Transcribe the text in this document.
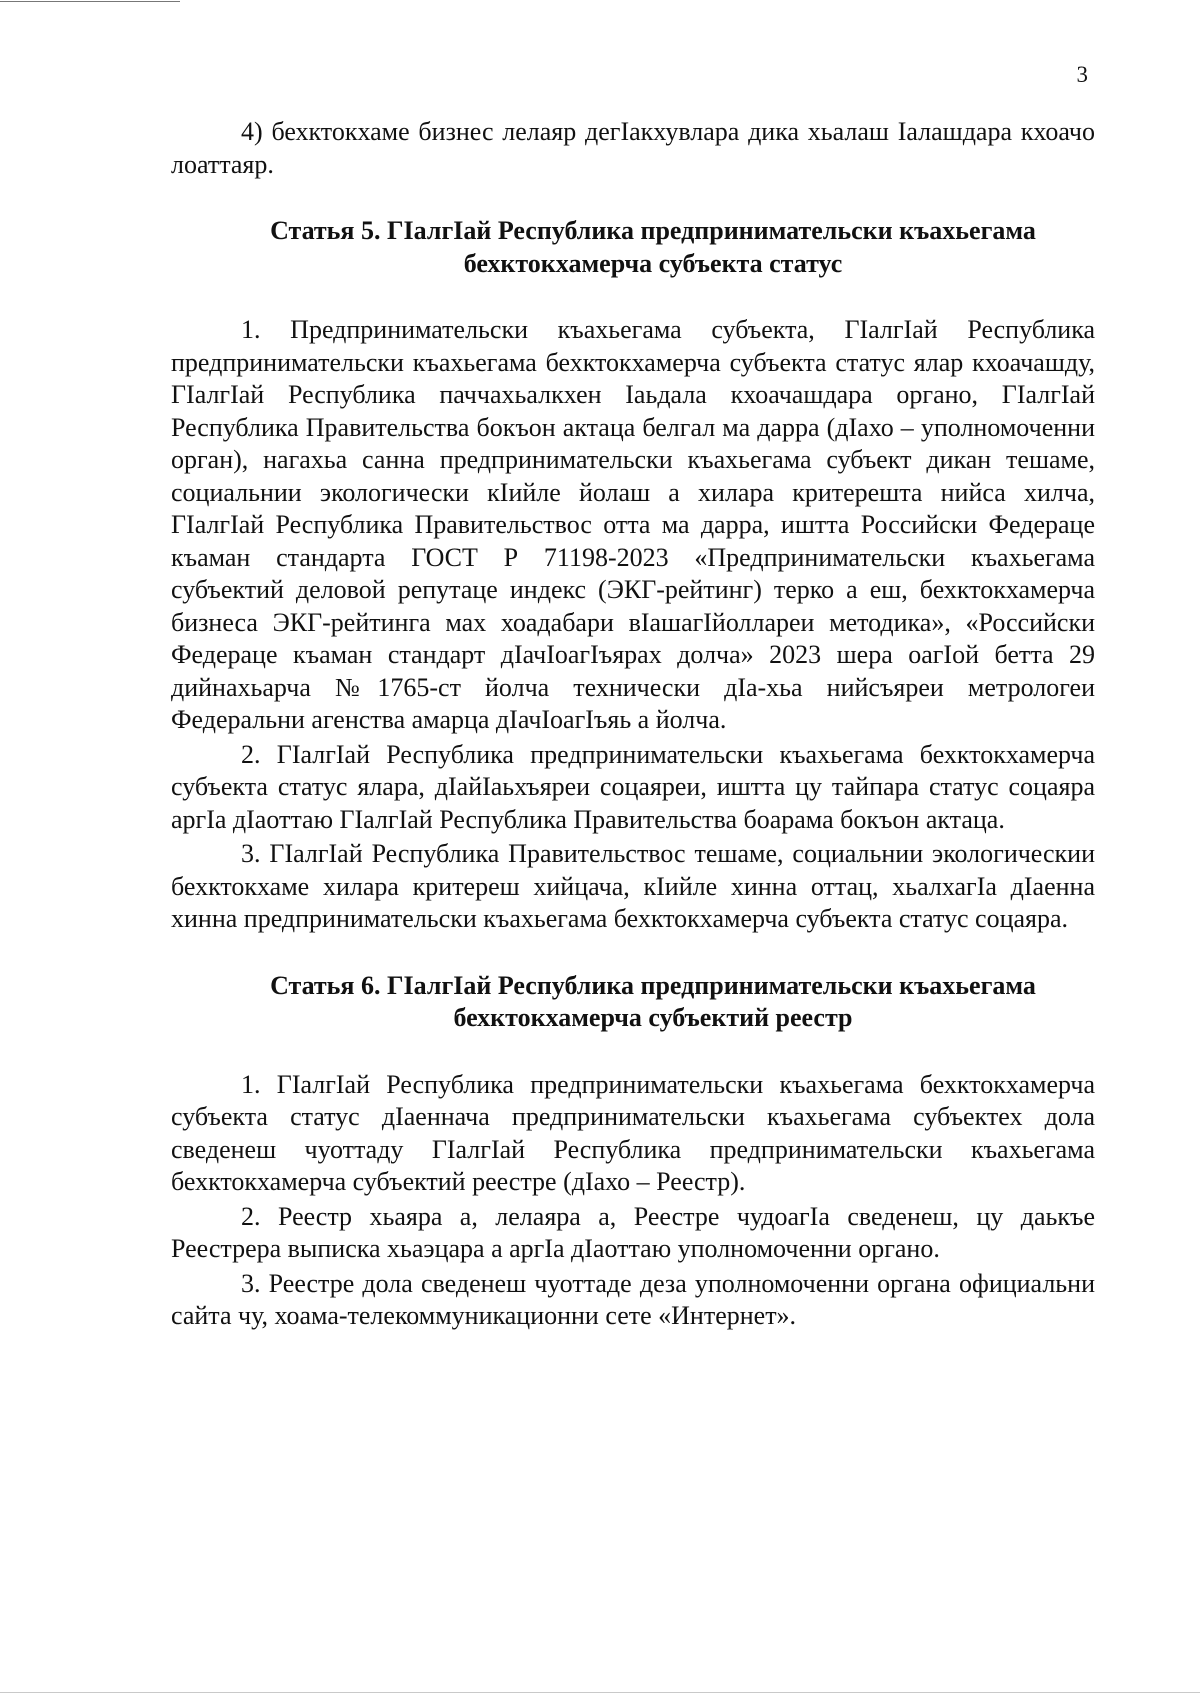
3

4) бехктокхаме бизнес лелаяр дегІакхувлара дика хьалаш Іалашдара кхоачо лоаттаяр.

Статья 5. ГІалгІай Республика предпринимательски къахьегама

бехктокхамерча субъекта статус

1. Предпринимательски къахьегама субъекта, ГІалгІай Республика предпринимательски къахьегама бехктокхамерча субъекта статус ялар кхоачашду, ГІалгІай Республика паччахьалкхен Іаьдала кхоачашдара органо, ГІалгІай Республика Правительства бокъон актаца белгал ма дарра (дІахо – уполномоченни орган), нагахьа санна предпринимательски къахьегама субъект дикан тешаме, социальнии экологически кІийле йолаш а хилара критерешта нийса хилча, ГІалгІай Республика Правительствос отта ма дарра, иштта Российски Федераце къаман стандарта ГОСТ Р 71198-2023 «Предпринимательски къахьегама субъектий деловой репутаце индекс (ЭКГ-рейтинг) терко а еш, бехктокхамерча бизнеса ЭКГ-рейтинга мах хоадабари вІашагІйоллареи методика», «Российски Федераце къаман стандарт дІачІоагІъярах долча» 2023 шера оагІой бетта 29 дийнахьарча №1765-ст йолча технически дІа-хьа нийсъяреи метрологеи Федеральни агенства амарца дІачІоагІъяь а йолча.

2. ГІалгІай Республика предпринимательски къахьегама бехктокхамерча субъекта статус ялара, дІайІаьхъяреи соцаяреи, иштта цу тайпара статус соцаяра аргІа дІаоттаю ГІалгІай Республика Правительства боарама бокъон актаца.

3. ГІалгІай Республика Правительствос тешаме, социальнии экологическии бехктокхаме хилара критереш хийцача, кІийле хинна оттац, хьалхагІа дІаенна хинна предпринимательски къахьегама бехктокхамерча субъекта статус соцаяра.

Статья 6. ГІалгІай Республика предпринимательски къахьегама

бехктокхамерча субъектий реестр

1. ГІалгІай Республика предпринимательски къахьегама бехктокхамерча субъекта статус дІаенначa предпринимательски къахьегама субъектех дола сведенеш чуоттаду ГІалгІай Республика предпринимательски къахьегама бехктокхамерча субъектий реестре (дІахо – Реестр).

2. Реестр хьаяра а, лелаяра а, Реестре чудоагІа сведенеш, цу даькъе Реестрера выписка хьаэцара а аргІа дІаоттаю уполномоченни органо.

3. Реестре дола сведенеш чуоттаде деза уполномоченни органа официальни сайта чу, хоама-телекоммуникационни сете «Интернет».
